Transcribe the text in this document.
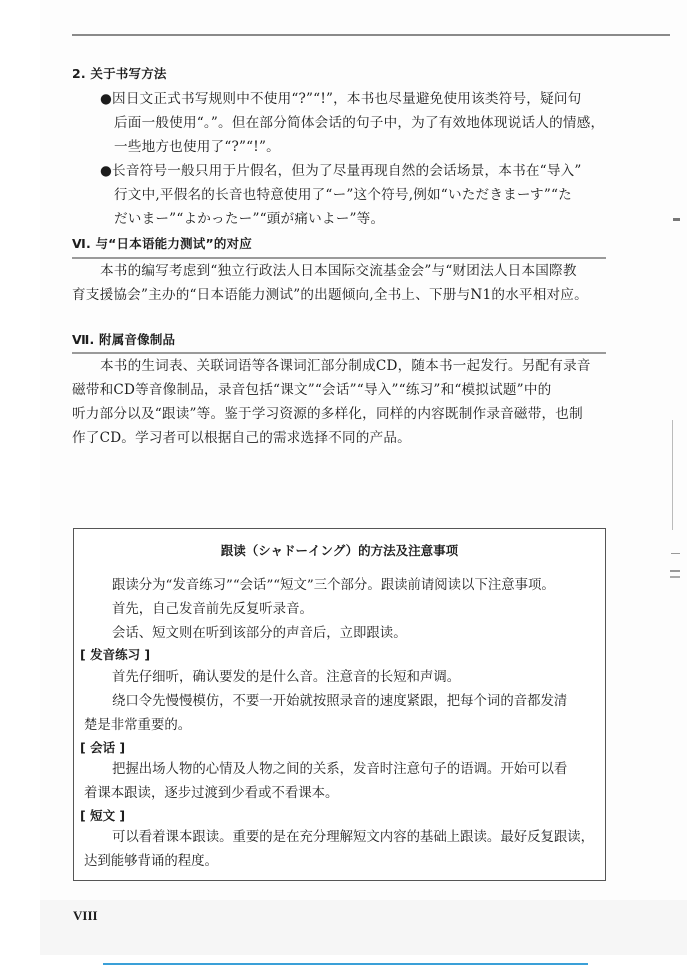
2. 关于书写方法
●因日文正式书写规则中不使用“?”“!”，本书也尽量避免使用该类符号，疑问句
后面一般使用“。”。但在部分简体会话的句子中，为了有效地体现说话人的情感，
一些地方也使用了“?”“!”。
●长音符号一般只用于片假名，但为了尽量再现自然的会话场景，本书在“导入”
行文中,平假名的长音也特意使用了“ー”这个符号,例如“いただきまーす”“た
だいまー”“よかったー”“頭が痛いよー”等。
Ⅵ. 与“日本语能力测试”的对应
本书的编写考虑到“独立行政法人日本国际交流基金会”与“财团法人日本国際教
育支援協会”主办的“日本语能力测试”的出题倾向,全书上、下册与N1的水平相对应。
Ⅶ. 附属音像制品
本书的生词表、关联词语等各课词汇部分制成CD，随本书一起发行。另配有录音
磁带和CD等音像制品，录音包括“课文”“会话”“导入”“练习”和“模拟试题”中的
听力部分以及“跟读”等。鉴于学习资源的多样化，同样的内容既制作录音磁带，也制
作了CD。学习者可以根据自己的需求选择不同的产品。
跟读（シャドーイング）的方法及注意事项
跟读分为“发音练习”“会话”“短文”三个部分。跟读前请阅读以下注意事项。
首先，自己发音前先反复听录音。
会话、短文则在听到该部分的声音后，立即跟读。
[ 发音练习 ]
首先仔细听，确认要发的是什么音。注意音的长短和声调。
绕口令先慢慢模仿，不要一开始就按照录音的速度紧跟，把每个词的音都发清
楚是非常重要的。
[ 会话 ]
把握出场人物的心情及人物之间的关系，发音时注意句子的语调。开始可以看
着课本跟读，逐步过渡到少看或不看课本。
[ 短文 ]
可以看着课本跟读。重要的是在充分理解短文内容的基础上跟读。最好反复跟读，
达到能够背诵的程度。
VIII
